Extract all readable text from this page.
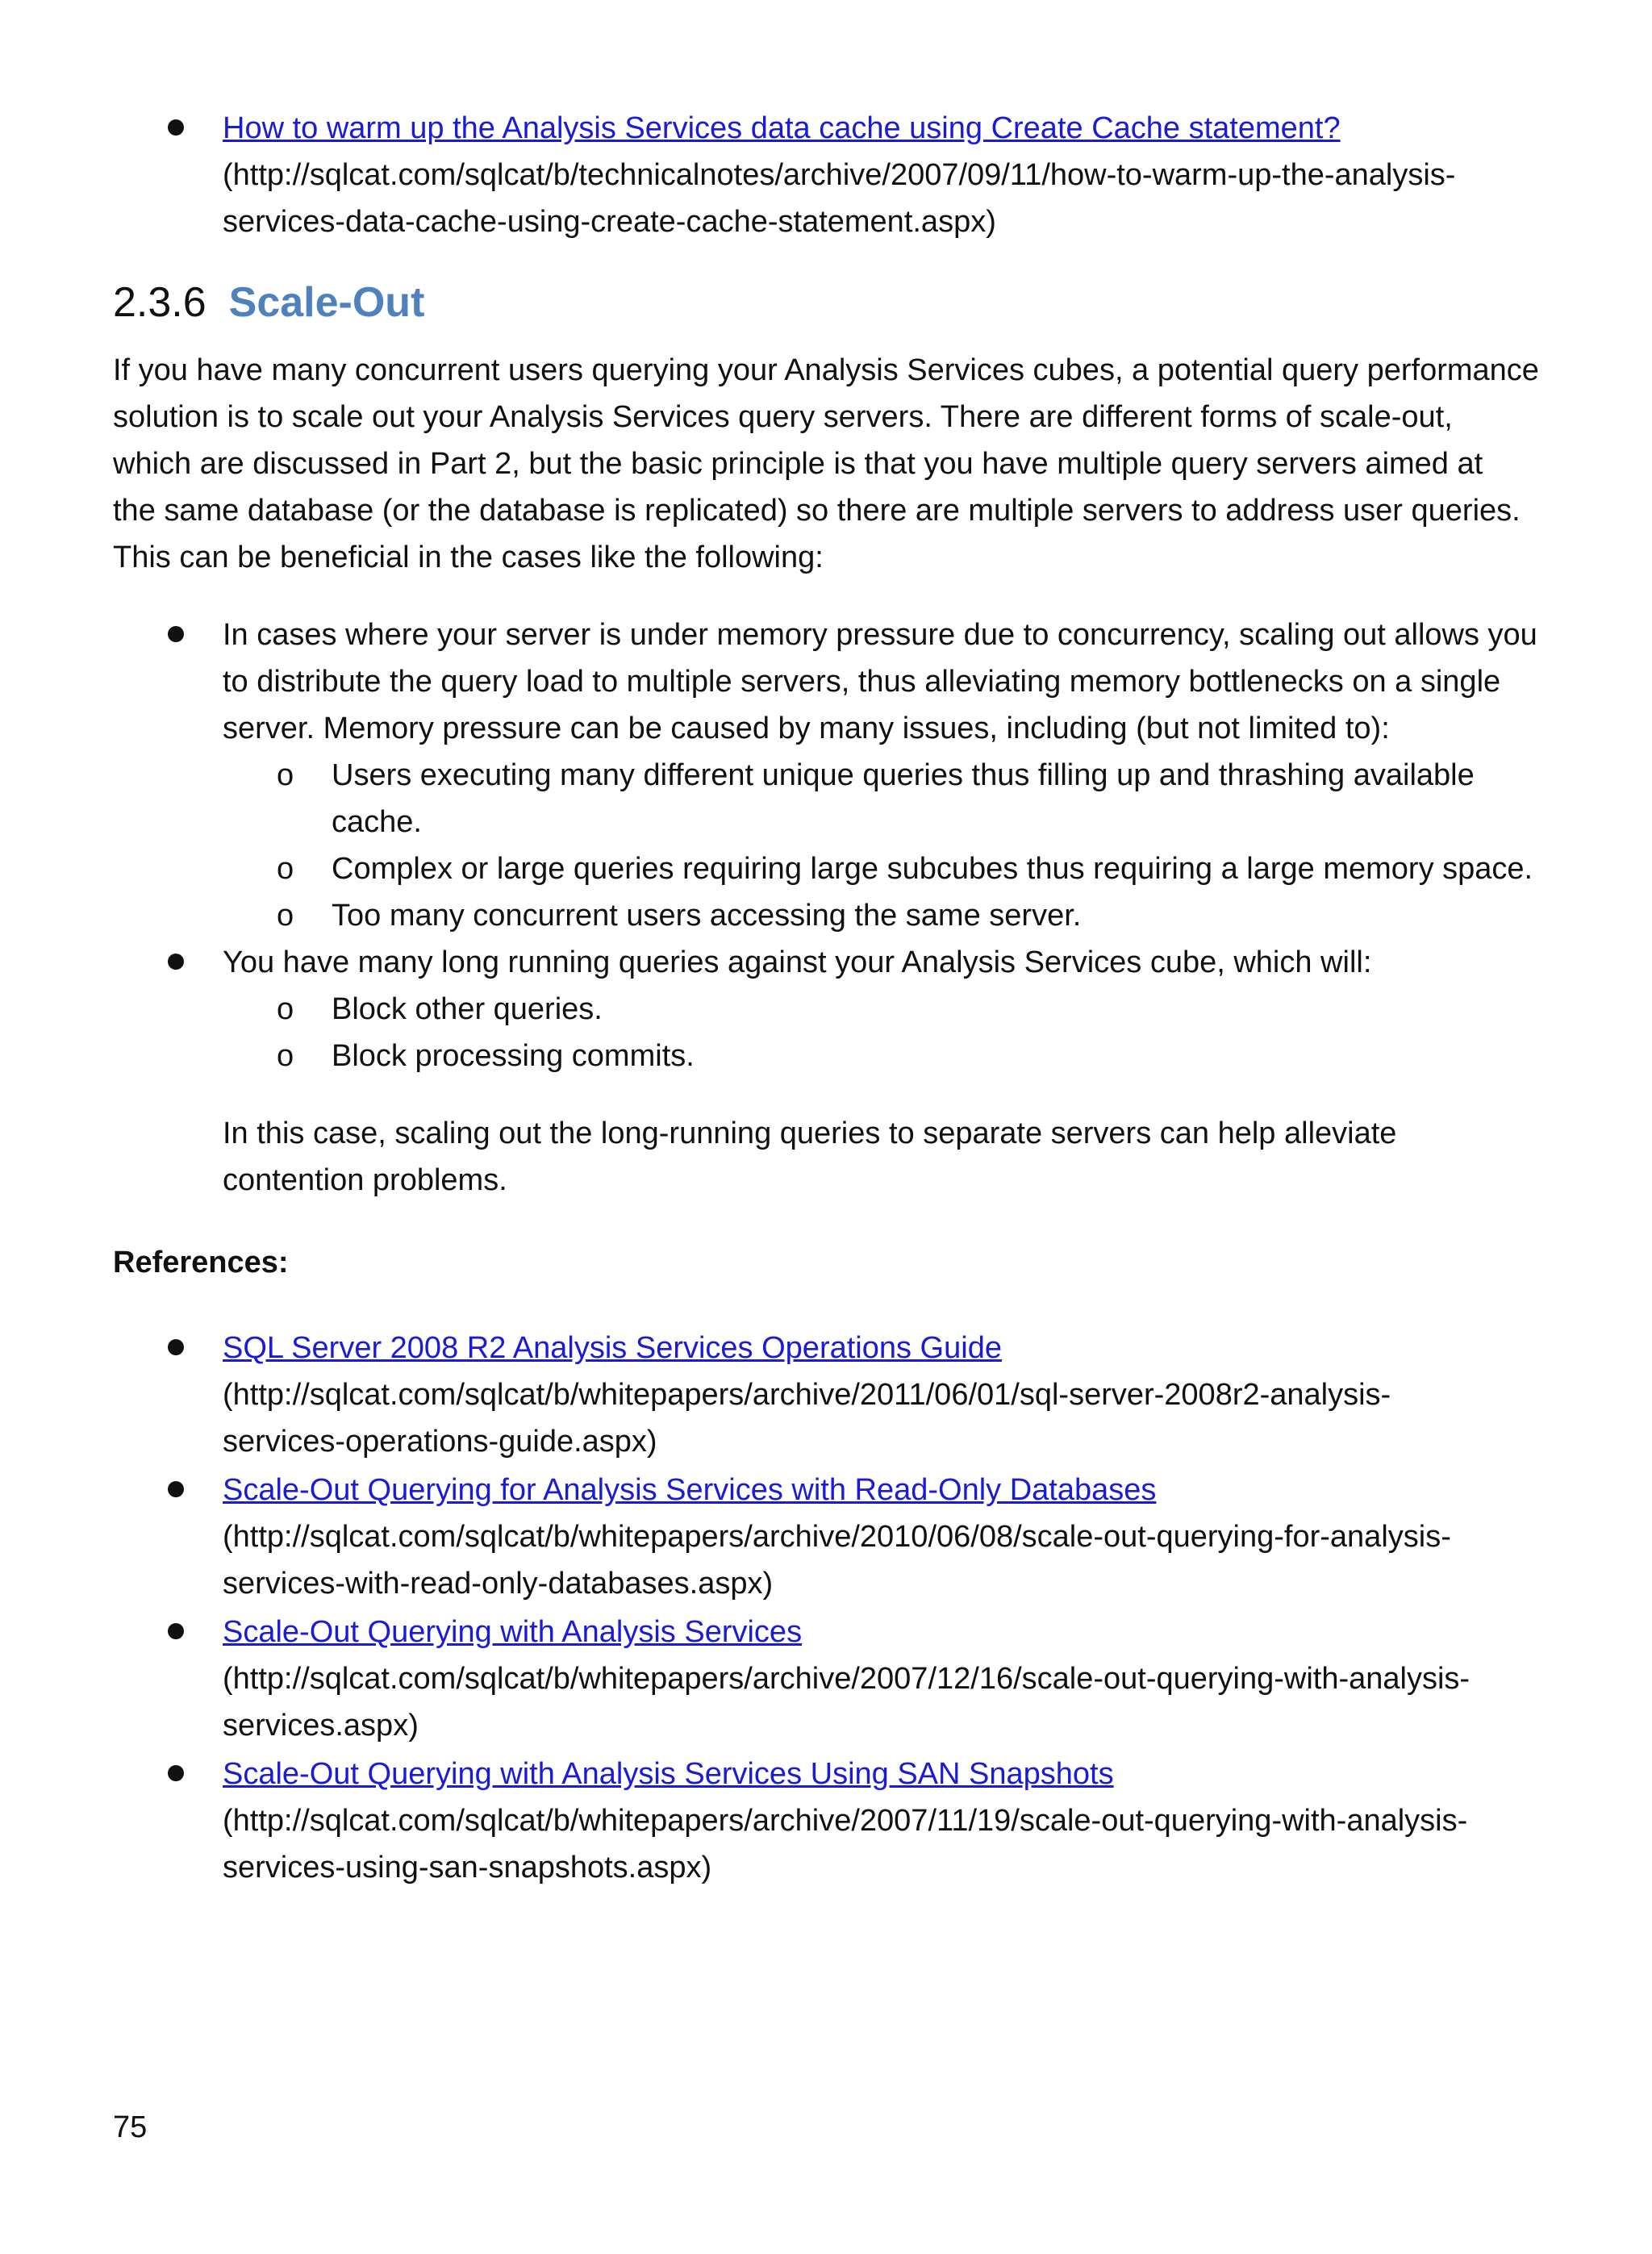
How to warm up the Analysis Services data cache using Create Cache statement?
(http://sqlcat.com/sqlcat/b/technicalnotes/archive/2007/09/11/how-to-warm-up-the-analysis-
services-data-cache-using-create-cache-statement.aspx)
2.3.6 Scale-Out
If you have many concurrent users querying your Analysis Services cubes, a potential query performance
solution is to scale out your Analysis Services query servers. There are different forms of scale-out,
which are discussed in Part 2, but the basic principle is that you have multiple query servers aimed at
the same database (or the database is replicated) so there are multiple servers to address user queries.
This can be beneficial in the cases like the following:
In cases where your server is under memory pressure due to concurrency, scaling out allows you
to distribute the query load to multiple servers, thus alleviating memory bottlenecks on a single
server. Memory pressure can be caused by many issues, including (but not limited to):
o Users executing many different unique queries thus filling up and thrashing available
cache.
o Complex or large queries requiring large subcubes thus requiring a large memory space.
o Too many concurrent users accessing the same server.
You have many long running queries against your Analysis Services cube, which will:
o Block other queries.
o Block processing commits.
In this case, scaling out the long-running queries to separate servers can help alleviate
contention problems.
References:
SQL Server 2008 R2 Analysis Services Operations Guide
(http://sqlcat.com/sqlcat/b/whitepapers/archive/2011/06/01/sql-server-2008r2-analysis-
services-operations-guide.aspx)
Scale-Out Querying for Analysis Services with Read-Only Databases
(http://sqlcat.com/sqlcat/b/whitepapers/archive/2010/06/08/scale-out-querying-for-analysis-
services-with-read-only-databases.aspx)
Scale-Out Querying with Analysis Services
(http://sqlcat.com/sqlcat/b/whitepapers/archive/2007/12/16/scale-out-querying-with-analysis-
services.aspx)
Scale-Out Querying with Analysis Services Using SAN Snapshots
(http://sqlcat.com/sqlcat/b/whitepapers/archive/2007/11/19/scale-out-querying-with-analysis-
services-using-san-snapshots.aspx)
75
